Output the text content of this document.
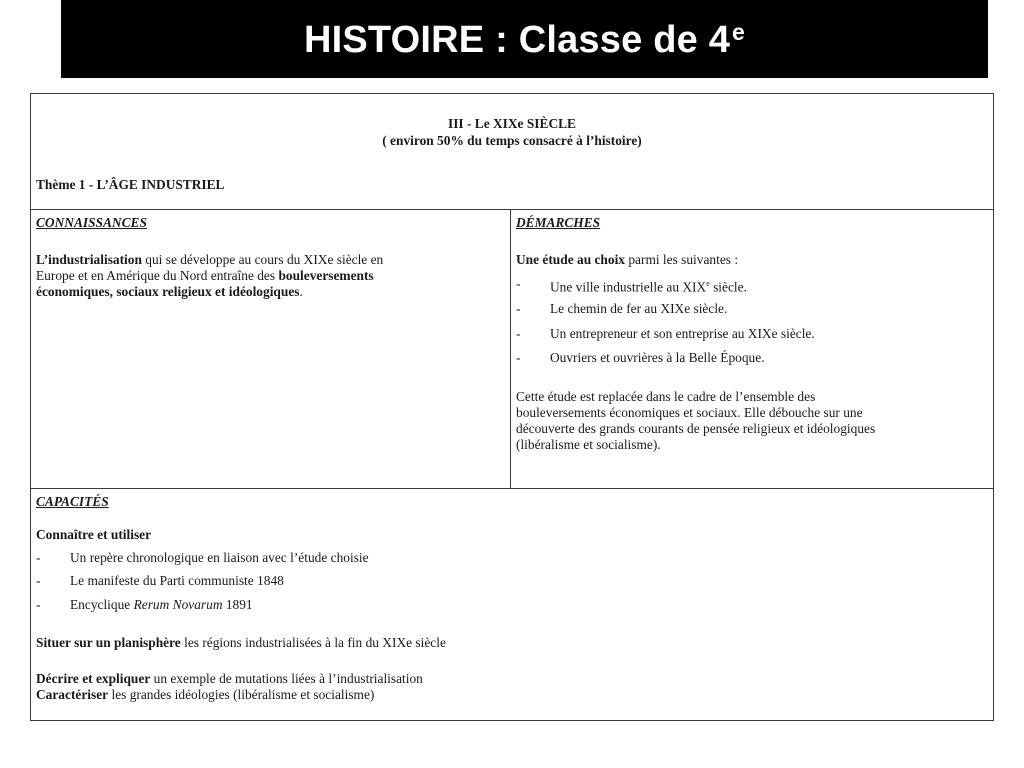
HISTOIRE : Classe de 4e
III - Le XIXe SIÈCLE
( environ 50% du temps consacré à l’histoire)
Thème 1 - L’ÂGE INDUSTRIEL
CONNAISSANCES
L’industrialisation qui se développe au cours du XIXe siècle en
Europe et en Amérique du Nord entraîne des bouleversements
économiques, sociaux religieux et idéologiques.
DÉMARCHES
Une étude au choix parmi les suivantes :
- Une ville industrielle au XIXe siècle.
- Le chemin de fer au XIXe siècle.
- Un entrepreneur et son entreprise au XIXe siècle.
- Ouvriers et ouvrières à la Belle Époque.
Cette étude est replacée dans le cadre de l’ensemble des
bouleversements économiques et sociaux. Elle débouche sur une
découverte des grands courants de pensée religieux et idéologiques
(libéralisme et socialisme).
CAPACITÉS
Connaître et utiliser
- Un repère chronologique en liaison avec l’étude choisie
- Le manifeste du Parti communiste 1848
- Encyclique Rerum Novarum 1891
Situer sur un planisphère les régions industrialisées à la fin du XIXe siècle
Décrire et expliquer un exemple de mutations liées à l’industrialisation
Caractériser les grandes idéologies (libéralisme et socialisme)
